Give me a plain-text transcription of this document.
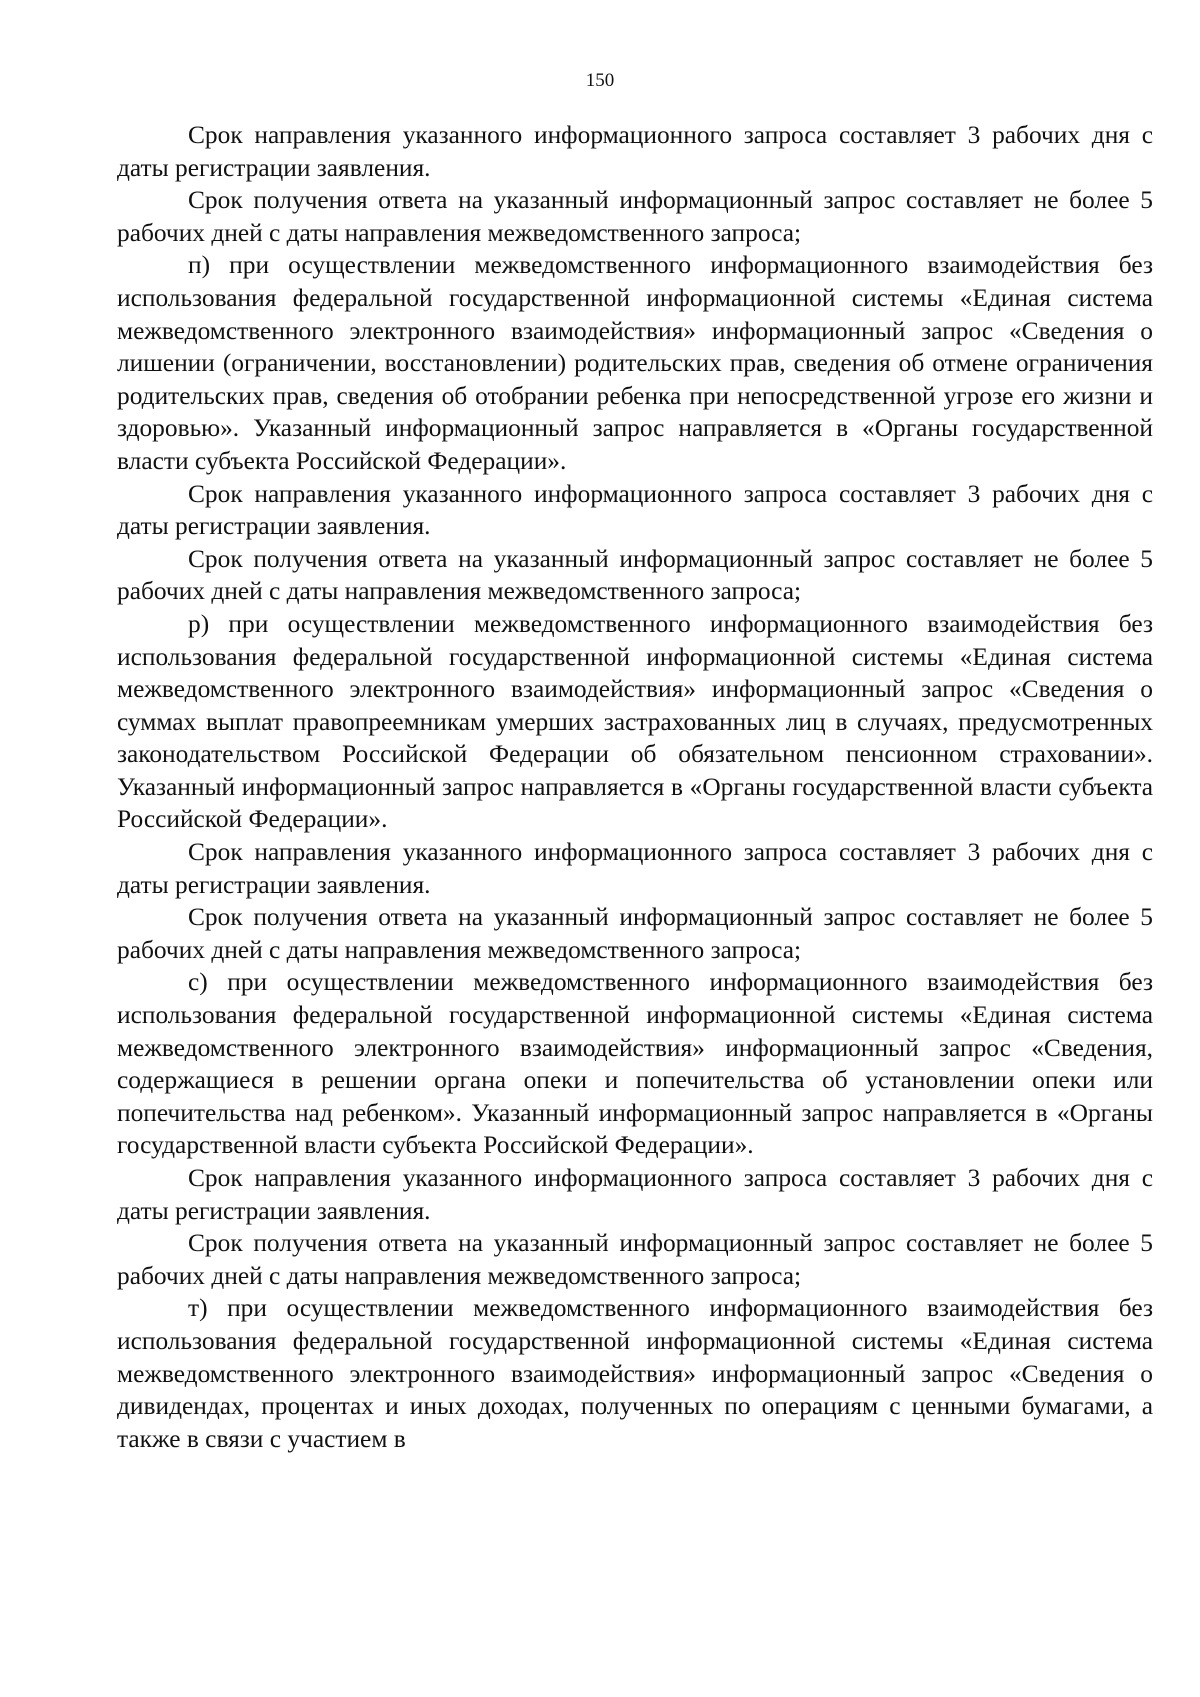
150

Срок направления указанного информационного запроса составляет 3 рабочих дня с даты регистрации заявления.

Срок получения ответа на указанный информационный запрос составляет не более 5 рабочих дней с даты направления межведомственного запроса;

п) при осуществлении межведомственного информационного взаимодействия без использования федеральной государственной информационной системы «Единая система межведомственного электронного взаимодействия» информационный запрос «Сведения о лишении (ограничении, восстановлении) родительских прав, сведения об отмене ограничения родительских прав, сведения об отобрании ребенка при непосредственной угрозе его жизни и здоровью». Указанный информационный запрос направляется в «Органы государственной власти субъекта Российской Федерации».

Срок направления указанного информационного запроса составляет 3 рабочих дня с даты регистрации заявления.

Срок получения ответа на указанный информационный запрос составляет не более 5 рабочих дней с даты направления межведомственного запроса;

р) при осуществлении межведомственного информационного взаимодействия без использования федеральной государственной информационной системы «Единая система межведомственного электронного взаимодействия» информационный запрос «Сведения о суммах выплат правопреемникам умерших застрахованных лиц в случаях, предусмотренных законодательством Российской Федерации об обязательном пенсионном страховании». Указанный информационный запрос направляется в «Органы государственной власти субъекта Российской Федерации».

Срок направления указанного информационного запроса составляет 3 рабочих дня с даты регистрации заявления.

Срок получения ответа на указанный информационный запрос составляет не более 5 рабочих дней с даты направления межведомственного запроса;

с) при осуществлении межведомственного информационного взаимодействия без использования федеральной государственной информационной системы «Единая система межведомственного электронного взаимодействия» информационный запрос «Сведения, содержащиеся в решении органа опеки и попечительства об установлении опеки или попечительства над ребенком». Указанный информационный запрос направляется в «Органы государственной власти субъекта Российской Федерации».

Срок направления указанного информационного запроса составляет 3 рабочих дня с даты регистрации заявления.

Срок получения ответа на указанный информационный запрос составляет не более 5 рабочих дней с даты направления межведомственного запроса;

т) при осуществлении межведомственного информационного взаимодействия без использования федеральной государственной информационной системы «Единая система межведомственного электронного взаимодействия» информационный запрос «Сведения о дивидендах, процентах и иных доходах, полученных по операциям с ценными бумагами, а также в связи с участием в
